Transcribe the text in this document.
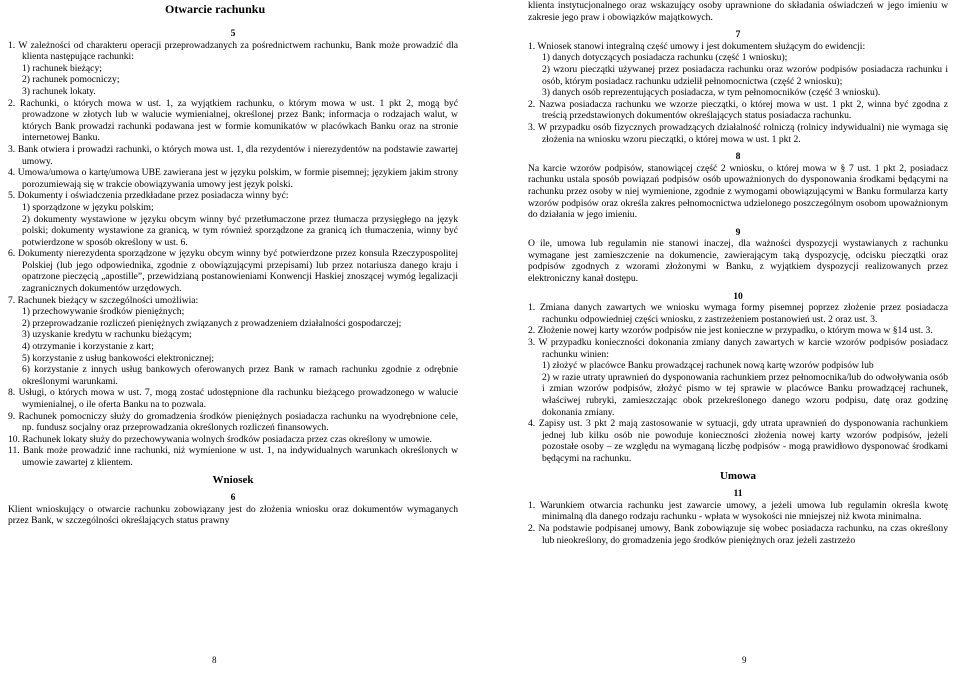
Otwarcie rachunku

5

1. W zależności od charakteru operacji przeprowadzanych za pośrednictwem rachunku, Bank może prowadzić dla klienta następujące rachunki:

1) rachunek bieżący;

2) rachunek pomocniczy;

3) rachunek lokaty.

2. Rachunki, o których mowa w ust. 1, za wyjątkiem rachunku, o którym mowa w ust. 1 pkt 2, mogą być prowadzone w złotych lub w walucie wymienialnej, określonej przez Bank; informacja o rodzajach walut, w których Bank prowadzi rachunki podawana jest w formie komunikatów w placówkach Banku oraz na stronie internetowej Banku.

3. Bank otwiera i prowadzi rachunki, o których mowa ust. 1, dla rezydentów i nierezydentów na podstawie zawartej umowy.

4. Umowa/umowa o kartę/umowa UBE zawierana jest w języku polskim, w formie pisemnej; językiem jakim strony porozumiewają się w trakcie obowiązywania umowy jest język polski.

5. Dokumenty i oświadczenia przedkładane przez posiadacza winny być:

1) sporządzone w języku polskim;

2) dokumenty wystawione w języku obcym winny być przetłumaczone przez tłumacza przysięgłego na język polski; dokumenty wystawione za granicą, w tym również sporządzone za granicą ich tłumaczenia, winny być potwierdzone w sposób określony w ust. 6.

6. Dokumenty nierezydenta sporządzone w języku obcym winny być potwierdzone przez konsula Rzeczypospolitej Polskiej (lub jego odpowiednika, zgodnie z obowiązującymi przepisami) lub przez notariusza danego kraju i opatrzone pieczęcią „apostille”, przewidzianą postanowieniami Konwencji Haskiej znoszącej wymóg legalizacji zagranicznych dokumentów urzędowych.

7. Rachunek bieżący w szczególności umożliwia:

1) przechowywanie środków pieniężnych;

2) przeprowadzanie rozliczeń pieniężnych związanych z prowadzeniem działalności gospodarczej;

3) uzyskanie kredytu w rachunku bieżącym;

4) otrzymanie i korzystanie z kart;

5) korzystanie z usług bankowości elektronicznej;

6) korzystanie z innych usług bankowych oferowanych przez Bank w ramach rachunku zgodnie z odrębnie określonymi warunkami.

8. Usługi, o których mowa w ust. 7, mogą zostać udostępnione dla rachunku bieżącego prowadzonego w walucie wymienialnej, o ile oferta Banku na to pozwala.

9. Rachunek pomocniczy służy do gromadzenia środków pieniężnych posiadacza rachunku na wyodrębnione cele, np. fundusz socjalny oraz przeprowadzania określonych rozliczeń finansowych.

10. Rachunek lokaty służy do przechowywania wolnych środków posiadacza przez czas określony w umowie.

11. Bank może prowadzić inne rachunki, niż wymienione w ust. 1, na indywidualnych warunkach określonych w umowie zawartej z klientem.

Wniosek

6

Klient wnioskujący o otwarcie rachunku zobowiązany jest do złożenia wniosku oraz dokumentów wymaganych przez Bank, w szczególności określających status prawny

8

klienta instytucjonalnego oraz wskazujący osoby uprawnione do składania oświadczeń w jego imieniu w zakresie jego praw i obowiązków majątkowych.

7

1. Wniosek stanowi integralną część umowy i jest dokumentem służącym do ewidencji:

1) danych dotyczących posiadacza rachunku (część 1 wniosku);

2) wzoru pieczątki używanej przez posiadacza rachunku oraz wzorów podpisów posiadacza rachunku i osób, którym posiadacz rachunku udzielił pełnomocnictwa (część 2 wniosku);

3) danych osób reprezentujących posiadacza, w tym pełnomocników (część 3 wniosku).

2. Nazwa posiadacza rachunku we wzorze pieczątki, o której mowa w ust. 1 pkt 2, winna być zgodna z treścią przedstawionych dokumentów określających status posiadacza rachunku.

3. W przypadku osób fizycznych prowadzących działalność rolniczą (rolnicy indywidualni) nie wymaga się złożenia na wniosku wzoru pieczątki, o której mowa w ust. 1 pkt 2.

8

Na karcie wzorów podpisów, stanowiącej część 2 wniosku, o której mowa w § 7 ust. 1 pkt 2, posiadacz rachunku ustala sposób powiązań podpisów osób upoważnionych do dysponowania środkami będącymi na rachunku przez osoby w niej wymienione, zgodnie z wymogami obowiązującymi w Banku formularza karty wzorów podpisów oraz określa zakres pełnomocnictwa udzielonego poszczególnym osobom upoważnionym do działania w jego imieniu.

9

O ile, umowa lub regulamin nie stanowi inaczej, dla ważności dyspozycji wystawianych z rachunku wymagane jest zamieszczenie na dokumencie, zawierającym taką dyspozycję, odcisku pieczątki oraz podpisów zgodnych z wzorami złożonymi w Banku, z wyjątkiem dyspozycji realizowanych przez elektroniczny kanał dostępu.

10

1. Zmiana danych zawartych we wniosku wymaga formy pisemnej poprzez złożenie przez posiadacza rachunku odpowiedniej części wniosku, z zastrzeżeniem postanowień ust. 2 oraz ust. 3.

2. Złożenie nowej karty wzorów podpisów nie jest konieczne w przypadku, o którym mowa w §14 ust. 3.

3. W przypadku konieczności dokonania zmiany danych zawartych w karcie wzorów podpisów posiadacz rachunku winien:

1) złożyć w placówce Banku prowadzącej rachunek nową kartę wzorów podpisów lub

2) w razie utraty uprawnień do dysponowania rachunkiem przez pełnomocnika/lub do odwoływania osób i zmian wzorów podpisów, złożyć pismo w tej sprawie w placówce Banku prowadzącej rachunek, właściwej rubryki, zamieszczając obok przekreślonego danego wzoru podpisu, datę oraz godzinę dokonania zmiany.

4. Zapisy ust. 3 pkt 2 mają zastosowanie w sytuacji, gdy utrata uprawnień do dysponowania rachunkiem jednej lub kilku osób nie powoduje konieczności złożenia nowej karty wzorów podpisów, jeżeli pozostałe osoby – ze względu na wymaganą liczbę podpisów - mogą prawidłowo dysponować środkami będącymi na rachunku.

Umowa

11

1. Warunkiem otwarcia rachunku jest zawarcie umowy, a jeżeli umowa lub regulamin określa kwotę minimalną dla danego rodzaju rachunku - wpłata w wysokości nie mniejszej niż kwota minimalna.

2. Na podstawie podpisanej umowy, Bank zobowiązuje się wobec posiadacza rachunku, na czas określony lub nieokreślony, do gromadzenia jego środków pieniężnych oraz jeżeli zastrzeżo

9
